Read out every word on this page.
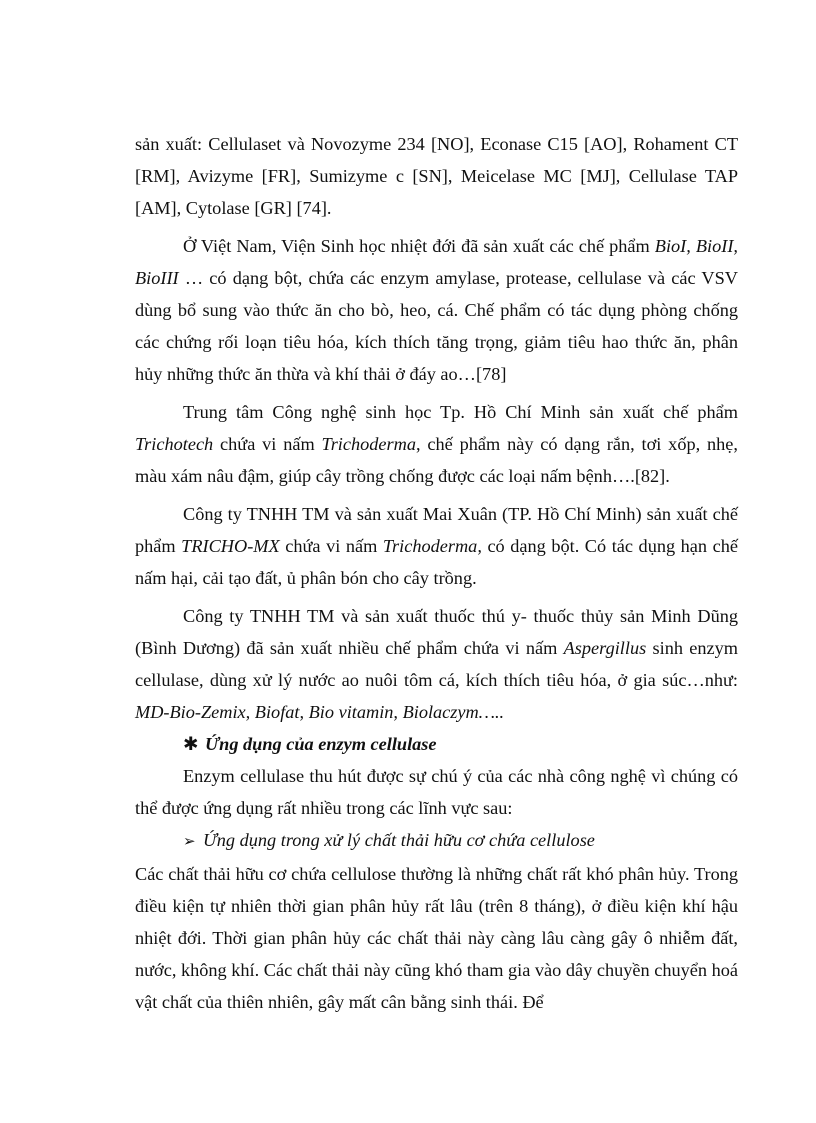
sản xuất: Cellulaset và Novozyme 234 [NO], Econase C15 [AO], Rohament CT [RM], Avizyme [FR], Sumizyme c [SN], Meicelase MC [MJ], Cellulase TAP [AM], Cytolase [GR] [74].

Ở Việt Nam, Viện Sinh học nhiệt đới đã sản xuất các chế phẩm BioI, BioII, BioIII … có dạng bột, chứa các enzym amylase, protease, cellulase và các VSV dùng bổ sung vào thức ăn cho bò, heo, cá. Chế phẩm có tác dụng phòng chống các chứng rối loạn tiêu hóa, kích thích tăng trọng, giảm tiêu hao thức ăn, phân hủy những thức ăn thừa và khí thải ở đáy ao…[78]

Trung tâm Công nghệ sinh học Tp. Hồ Chí Minh sản xuất chế phẩm Trichotech chứa vi nấm Trichoderma, chế phẩm này có dạng rắn, tơi xốp, nhẹ, màu xám nâu đậm, giúp cây trồng chống được các loại nấm bệnh….[82].

Công ty TNHH TM và sản xuất Mai Xuân (TP. Hồ Chí Minh) sản xuất chế phẩm TRICHO-MX chứa vi nấm Trichoderma, có dạng bột. Có tác dụng hạn chế nấm hại, cải tạo đất, ủ phân bón cho cây trồng.

Công ty TNHH TM và sản xuất thuốc thú y- thuốc thủy sản Minh Dũng (Bình Dương) đã sản xuất nhiều chế phẩm chứa vi nấm Aspergillus sinh enzym cellulase, dùng xử lý nước ao nuôi tôm cá, kích thích tiêu hóa, ở gia súc…như: MD-Bio-Zemix, Biofat, Bio vitamin, Biolaczym…..

✱ Ứng dụng của enzym cellulase

Enzym cellulase thu hút được sự chú ý của các nhà công nghệ vì chúng có thể được ứng dụng rất nhiều trong các lĩnh vực sau:

➢ Ứng dụng trong xử lý chất thải hữu cơ chứa cellulose

Các chất thải hữu cơ chứa cellulose thường là những chất rất khó phân hủy. Trong điều kiện tự nhiên thời gian phân hủy rất lâu (trên 8 tháng), ở điều kiện khí hậu nhiệt đới. Thời gian phân hủy các chất thải này càng lâu càng gây ô nhiễm đất, nước, không khí. Các chất thải này cũng khó tham gia vào dây chuyền chuyển hoá vật chất của thiên nhiên, gây mất cân bằng sinh thái. Để
